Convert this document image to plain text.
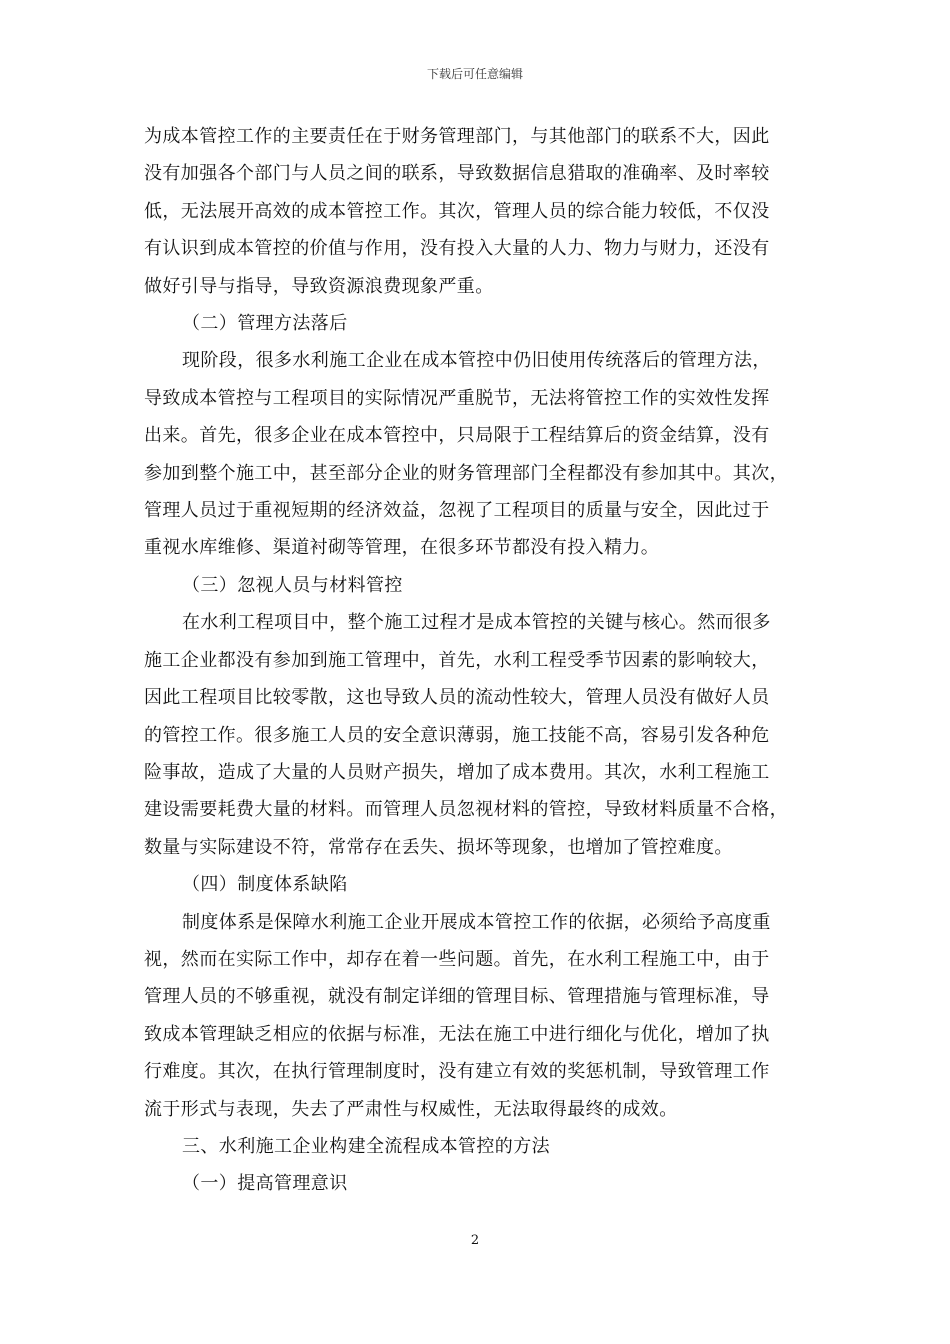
下载后可任意编辑
为成本管控工作的主要责任在于财务管理部门，与其他部门的联系不大，因此
没有加强各个部门与人员之间的联系，导致数据信息猎取的准确率、及时率较
低，无法展开高效的成本管控工作。其次，管理人员的综合能力较低，不仅没
有认识到成本管控的价值与作用，没有投入大量的人力、物力与财力，还没有
做好引导与指导，导致资源浪费现象严重。
（二）管理方法落后
现阶段，很多水利施工企业在成本管控中仍旧使用传统落后的管理方法，
导致成本管控与工程项目的实际情况严重脱节，无法将管控工作的实效性发挥
出来。首先，很多企业在成本管控中，只局限于工程结算后的资金结算，没有
参加到整个施工中，甚至部分企业的财务管理部门全程都没有参加其中。其次，
管理人员过于重视短期的经济效益，忽视了工程项目的质量与安全，因此过于
重视水库维修、渠道衬砌等管理，在很多环节都没有投入精力。
（三）忽视人员与材料管控
在水利工程项目中，整个施工过程才是成本管控的关键与核心。然而很多
施工企业都没有参加到施工管理中，首先，水利工程受季节因素的影响较大，
因此工程项目比较零散，这也导致人员的流动性较大，管理人员没有做好人员
的管控工作。很多施工人员的安全意识薄弱，施工技能不高，容易引发各种危
险事故，造成了大量的人员财产损失，增加了成本费用。其次，水利工程施工
建设需要耗费大量的材料。而管理人员忽视材料的管控，导致材料质量不合格，
数量与实际建设不符，常常存在丢失、损坏等现象，也增加了管控难度。
（四）制度体系缺陷
制度体系是保障水利施工企业开展成本管控工作的依据，必须给予高度重
视，然而在实际工作中，却存在着一些问题。首先，在水利工程施工中，由于
管理人员的不够重视，就没有制定详细的管理目标、管理措施与管理标准，导
致成本管理缺乏相应的依据与标准，无法在施工中进行细化与优化，增加了执
行难度。其次，在执行管理制度时，没有建立有效的奖惩机制，导致管理工作
流于形式与表现，失去了严肃性与权威性，无法取得最终的成效。
三、水利施工企业构建全流程成本管控的方法
（一）提高管理意识
2
